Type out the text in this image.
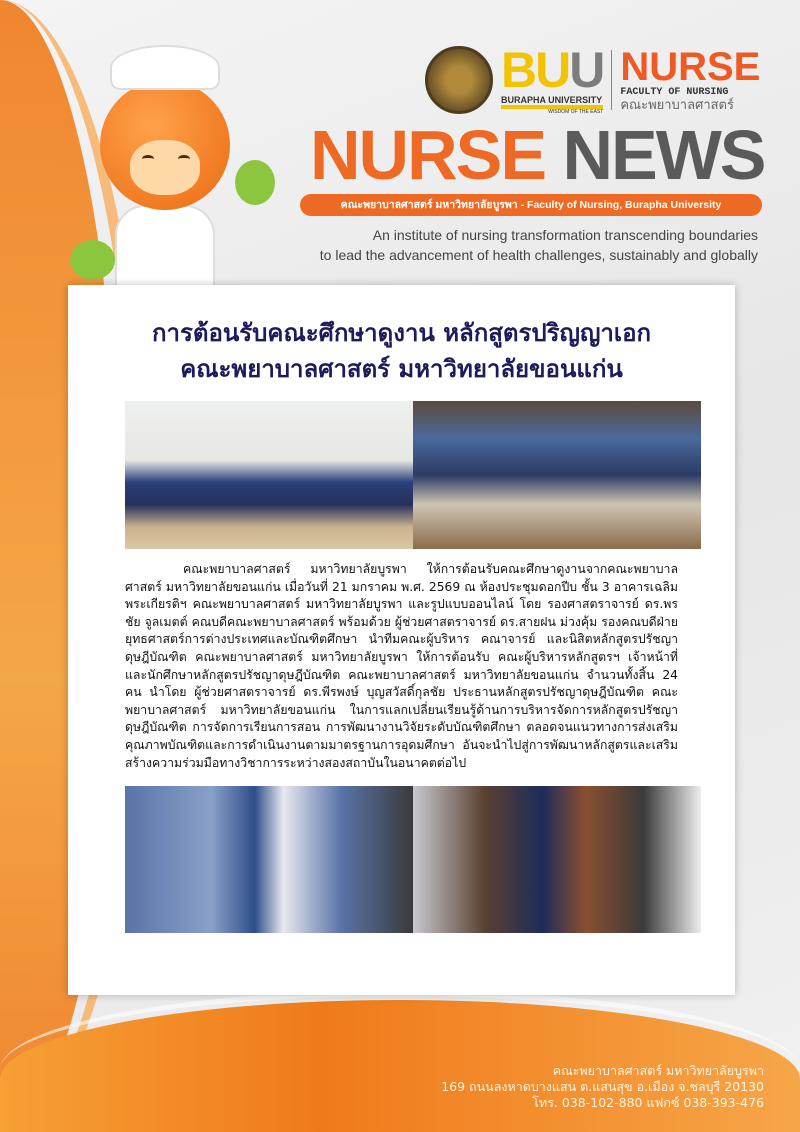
BUU
BURAPHA UNIVERSITY
WISDOM OF THE EAST
NURSE
FACULTY OF NURSING
คณะพยาบาลศาสตร์
NURSE NEWS
คณะพยาบาลศาสตร์ มหาวิทยาลัยบูรพา - Faculty of Nursing, Burapha University
An institute of nursing transformation transcending boundaries
to lead the advancement of health challenges, sustainably and globally
การต้อนรับคณะศึกษาดูงาน หลักสูตรปริญญาเอก
คณะพยาบาลศาสตร์ มหาวิทยาลัยขอนแก่น
คณะพยาบาลศาสตร์ มหาวิทยาลัยบูรพา ให้การต้อนรับคณะศึกษาดูงานจากคณะพยาบาลศาสตร์ มหาวิทยาลัยขอนแก่น เมื่อวันที่ 21 มกราคม พ.ศ. 2569 ณ ห้องประชุมดอกปีบ ชั้น 3 อาคารเฉลิมพระเกียรติฯ คณะพยาบาลศาสตร์ มหาวิทยาลัยบูรพา และรูปแบบออนไลน์ โดย รองศาสตราจารย์ ดร.พรชัย จูลเมตต์ คณบดีคณะพยาบาลศาสตร์ พร้อมด้วย ผู้ช่วยศาสตราจารย์ ดร.สายฝน ม่วงคุ้ม รองคณบดีฝ่ายยุทธศาสตร์การต่างประเทศและบัณฑิตศึกษา นำทีมคณะผู้บริหาร คณาจารย์ และนิสิตหลักสูตรปรัชญาดุษฎีบัณฑิต คณะพยาบาลศาสตร์ มหาวิทยาลัยบูรพา ให้การต้อนรับ คณะผู้บริหารหลักสูตรฯ เจ้าหน้าที่ และนักศึกษาหลักสูตรปรัชญาดุษฎีบัณฑิต คณะพยาบาลศาสตร์ มหาวิทยาลัยขอนแก่น จำนวนทั้งสิ้น 24 คน นำโดย ผู้ช่วยศาสตราจารย์ ดร.พีรพงษ์ บุญสวัสดิ์กุลชัย ประธานหลักสูตรปรัชญาดุษฎีบัณฑิต คณะพยาบาลศาสตร์ มหาวิทยาลัยขอนแก่น ในการแลกเปลี่ยนเรียนรู้ด้านการบริหารจัดการหลักสูตรปรัชญาดุษฎีบัณฑิต การจัดการเรียนการสอน การพัฒนางานวิจัยระดับบัณฑิตศึกษา ตลอดจนแนวทางการส่งเสริมคุณภาพบัณฑิตและการดำเนินงานตามมาตรฐานการอุดมศึกษา อันจะนำไปสู่การพัฒนาหลักสูตรและเสริมสร้างความร่วมมือทางวิชาการระหว่างสองสถาบันในอนาคตต่อไป
คณะพยาบาลศาสตร์ มหาวิทยาลัยบูรพา
169 ถนนลงหาดบางแสน ต.แสนสุข อ.เมือง จ.ชลบุรี 20130
โทร. 038-102-880 แฟกซ์ 038-393-476
